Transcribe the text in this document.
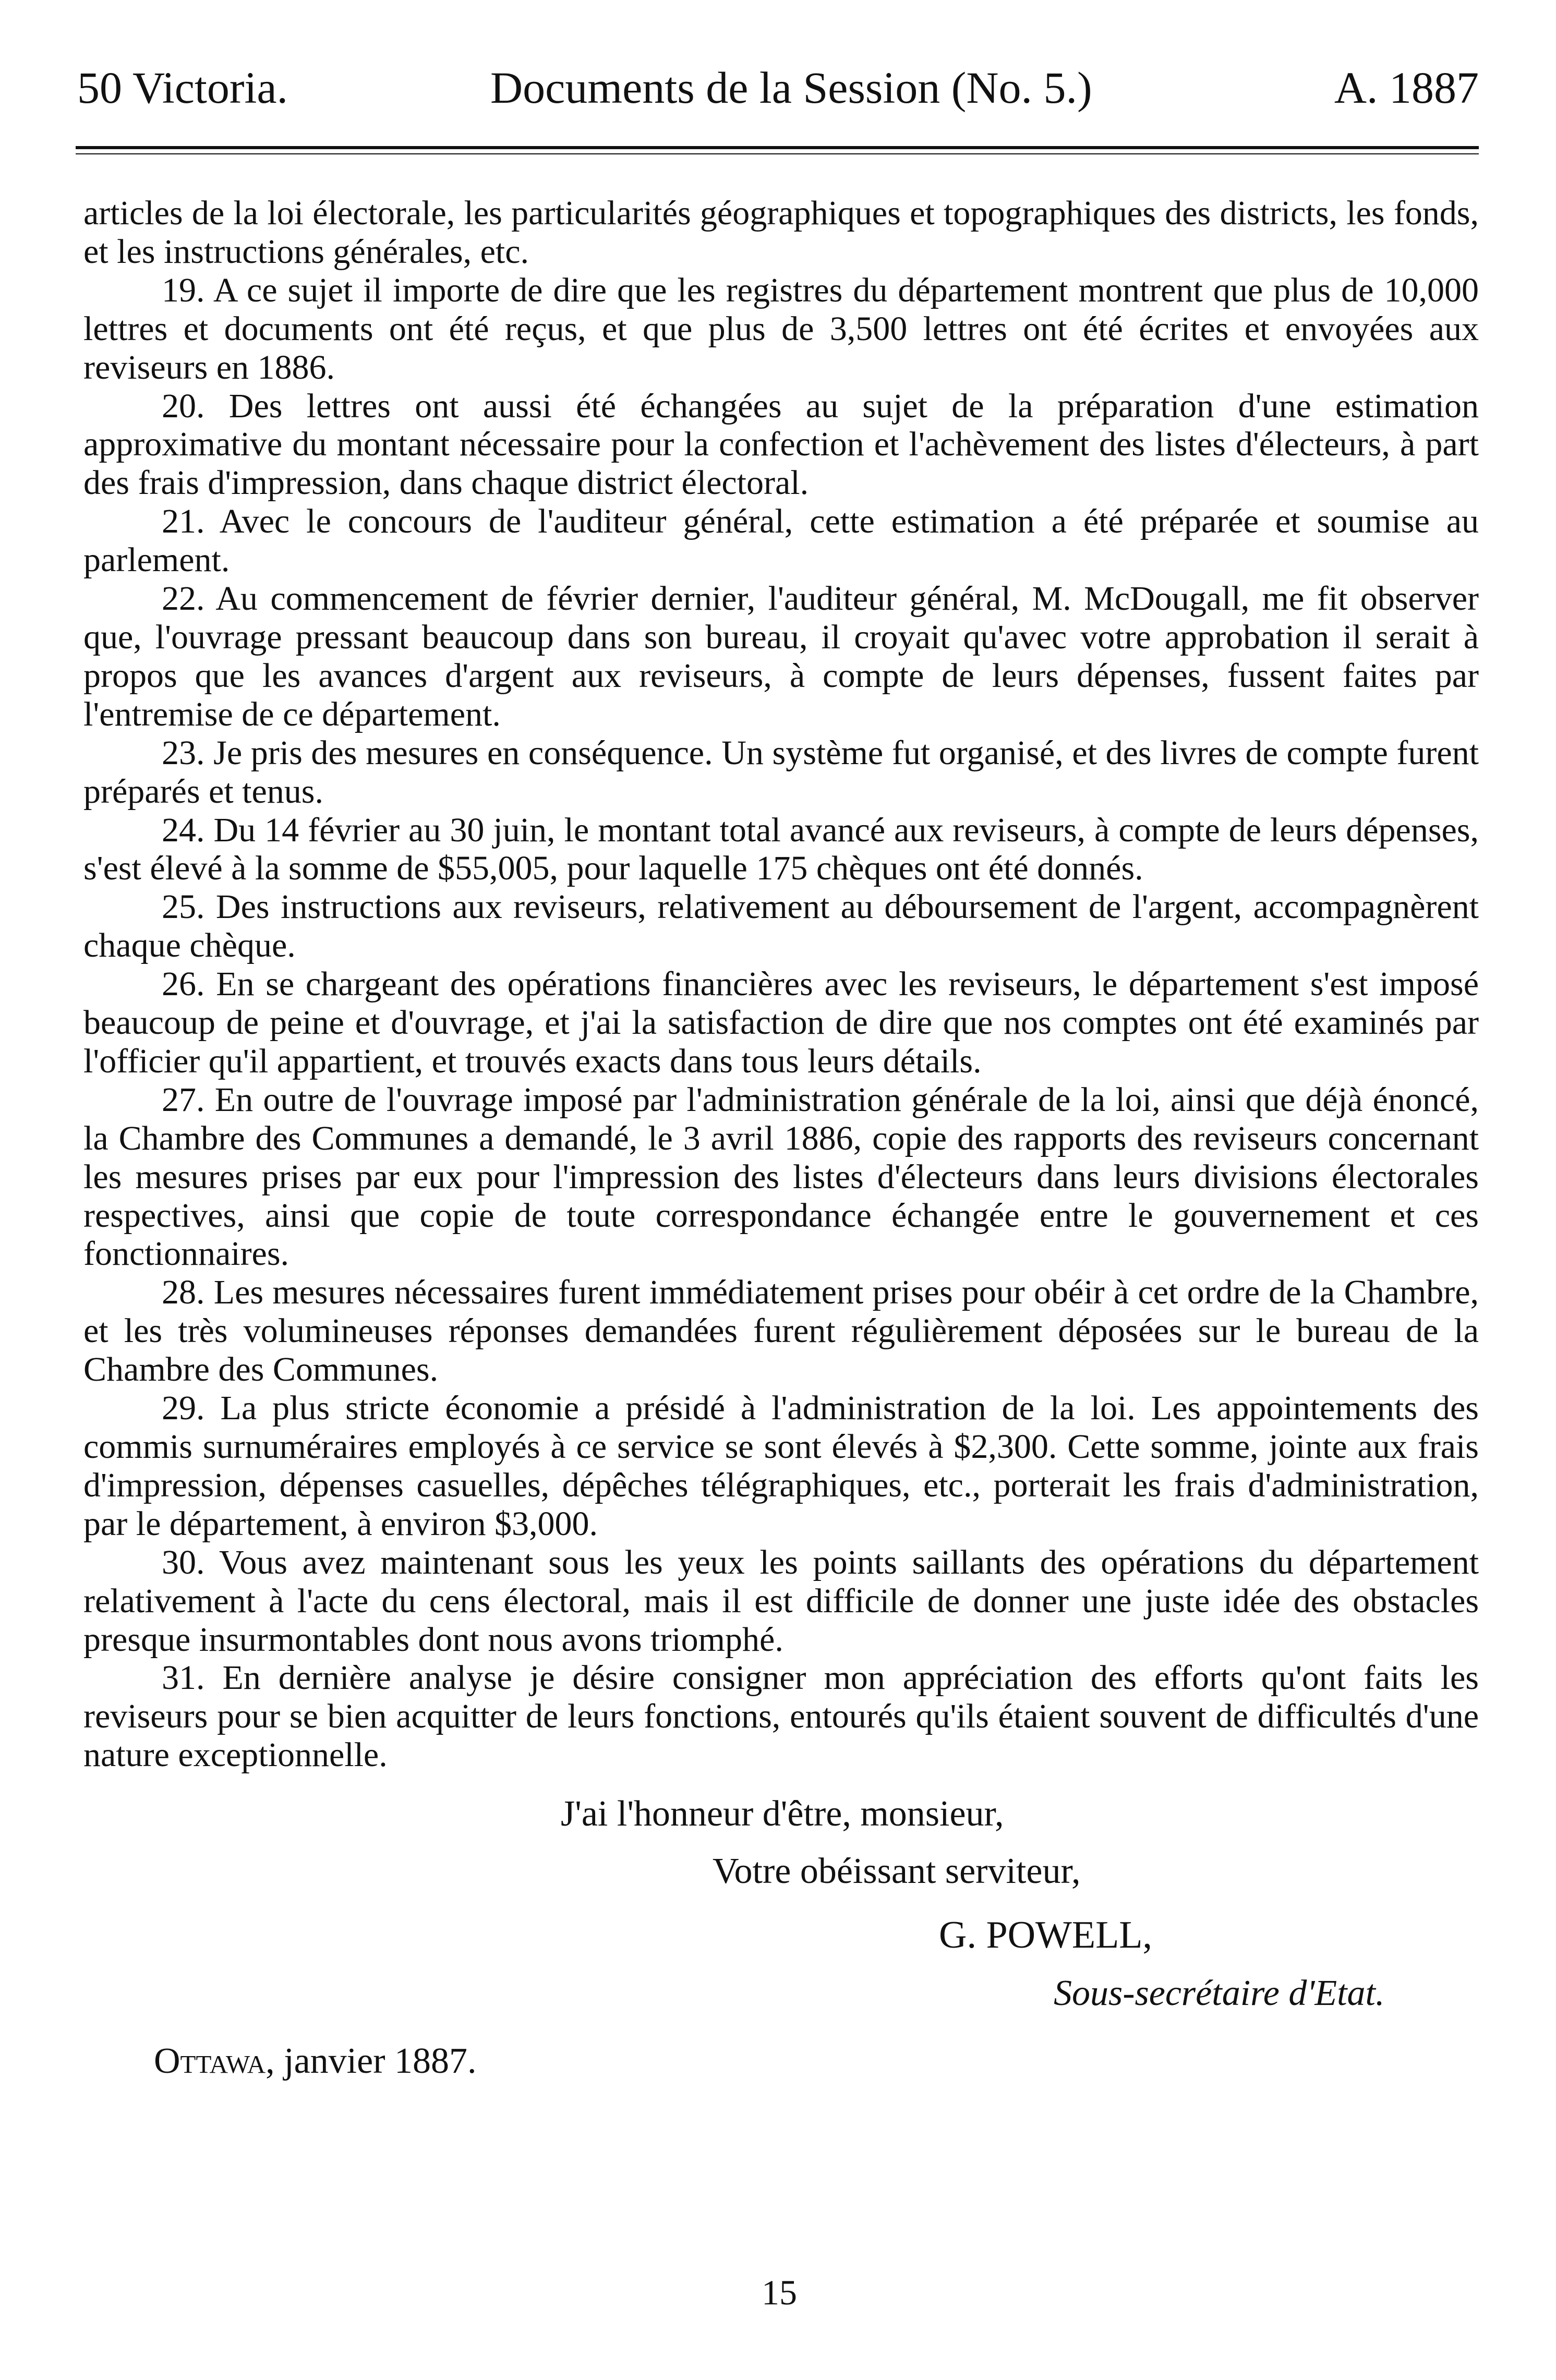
50 Victoria.	Documents de la Session (No. 5.)	A. 1887

articles de la loi électorale, les particularités géographiques et topographiques des districts, les fonds, et les instructions générales, etc.

19. A ce sujet il importe de dire que les registres du département montrent que plus de 10,000 lettres et documents ont été reçus, et que plus de 3,500 lettres ont été écrites et envoyées aux reviseurs en 1886.

20. Des lettres ont aussi été échangées au sujet de la préparation d'une estimation approximative du montant nécessaire pour la confection et l'achèvement des listes d'électeurs, à part des frais d'impression, dans chaque district électoral.

21. Avec le concours de l'auditeur général, cette estimation a été préparée et soumise au parlement.

22. Au commencement de février dernier, l'auditeur général, M. McDougall, me fit observer que, l'ouvrage pressant beaucoup dans son bureau, il croyait qu'avec votre approbation il serait à propos que les avances d'argent aux reviseurs, à compte de leurs dépenses, fussent faites par l'entremise de ce département.

23. Je pris des mesures en conséquence. Un système fut organisé, et des livres de compte furent préparés et tenus.

24. Du 14 février au 30 juin, le montant total avancé aux reviseurs, à compte de leurs dépenses, s'est élevé à la somme de $55,005, pour laquelle 175 chèques ont été donnés.

25. Des instructions aux reviseurs, relativement au déboursement de l'argent, accompagnèrent chaque chèque.

26. En se chargeant des opérations financières avec les reviseurs, le département s'est imposé beaucoup de peine et d'ouvrage, et j'ai la satisfaction de dire que nos comptes ont été examinés par l'officier qu'il appartient, et trouvés exacts dans tous leurs détails.

27. En outre de l'ouvrage imposé par l'administration générale de la loi, ainsi que déjà énoncé, la Chambre des Communes a demandé, le 3 avril 1886, copie des rapports des reviseurs concernant les mesures prises par eux pour l'impression des listes d'électeurs dans leurs divisions électorales respectives, ainsi que copie de toute correspondance échangée entre le gouvernement et ces fonctionnaires.

28. Les mesures nécessaires furent immédiatement prises pour obéir à cet ordre de la Chambre, et les très volumineuses réponses demandées furent régulièrement déposées sur le bureau de la Chambre des Communes.

29. La plus stricte économie a présidé à l'administration de la loi. Les appointements des commis surnuméraires employés à ce service se sont élevés à $2,300. Cette somme, jointe aux frais d'impression, dépenses casuelles, dépêches télégraphiques, etc., porterait les frais d'administration, par le département, à environ $3,000.

30. Vous avez maintenant sous les yeux les points saillants des opérations du département relativement à l'acte du cens électoral, mais il est difficile de donner une juste idée des obstacles presque insurmontables dont nous avons triomphé.

31. En dernière analyse je désire consigner mon appréciation des efforts qu'ont faits les reviseurs pour se bien acquitter de leurs fonctions, entourés qu'ils étaient souvent de difficultés d'une nature exceptionnelle.

J'ai l'honneur d'être, monsieur,
Votre obéissant serviteur,
G. POWELL,
Sous-secrétaire d'Etat.
Ottawa, janvier 1887.
15
